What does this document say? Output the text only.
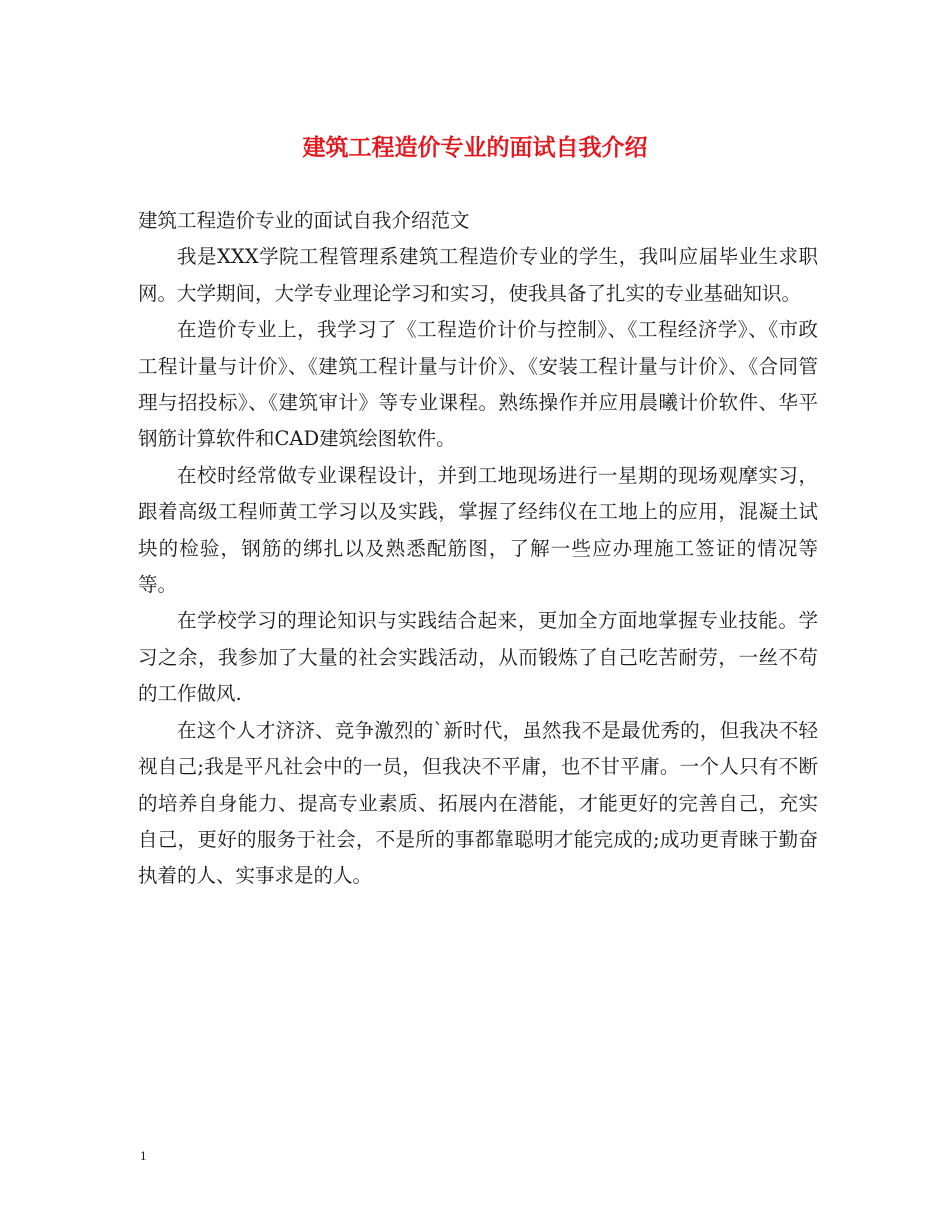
建筑工程造价专业的面试自我介绍

建筑工程造价专业的面试自我介绍范文

我是XXX学院工程管理系建筑工程造价专业的学生，我叫应届毕业生求职网。大学期间，大学专业理论学习和实习，使我具备了扎实的专业基础知识。

在造价专业上，我学习了《工程造价计价与控制》、《工程经济学》、《市政工程计量与计价》、《建筑工程计量与计价》、《安装工程计量与计价》、《合同管理与招投标》、《建筑审计》等专业课程。熟练操作并应用晨曦计价软件、华平钢筋计算软件和CAD建筑绘图软件。

在校时经常做专业课程设计，并到工地现场进行一星期的现场观摩实习，跟着高级工程师黄工学习以及实践，掌握了经纬仪在工地上的应用，混凝土试块的检验，钢筋的绑扎以及熟悉配筋图，了解一些应办理施工签证的情况等等。

在学校学习的理论知识与实践结合起来，更加全方面地掌握专业技能。学习之余，我参加了大量的社会实践活动，从而锻炼了自己吃苦耐劳，一丝不苟的工作做风.

在这个人才济济、竞争激烈的`新时代，虽然我不是最优秀的，但我决不轻视自己;我是平凡社会中的一员，但我决不平庸，也不甘平庸。一个人只有不断的培养自身能力、提高专业素质、拓展内在潜能，才能更好的完善自己，充实自己，更好的服务于社会，不是所的事都靠聪明才能完成的;成功更青睐于勤奋执着的人、实事求是的人。

1
